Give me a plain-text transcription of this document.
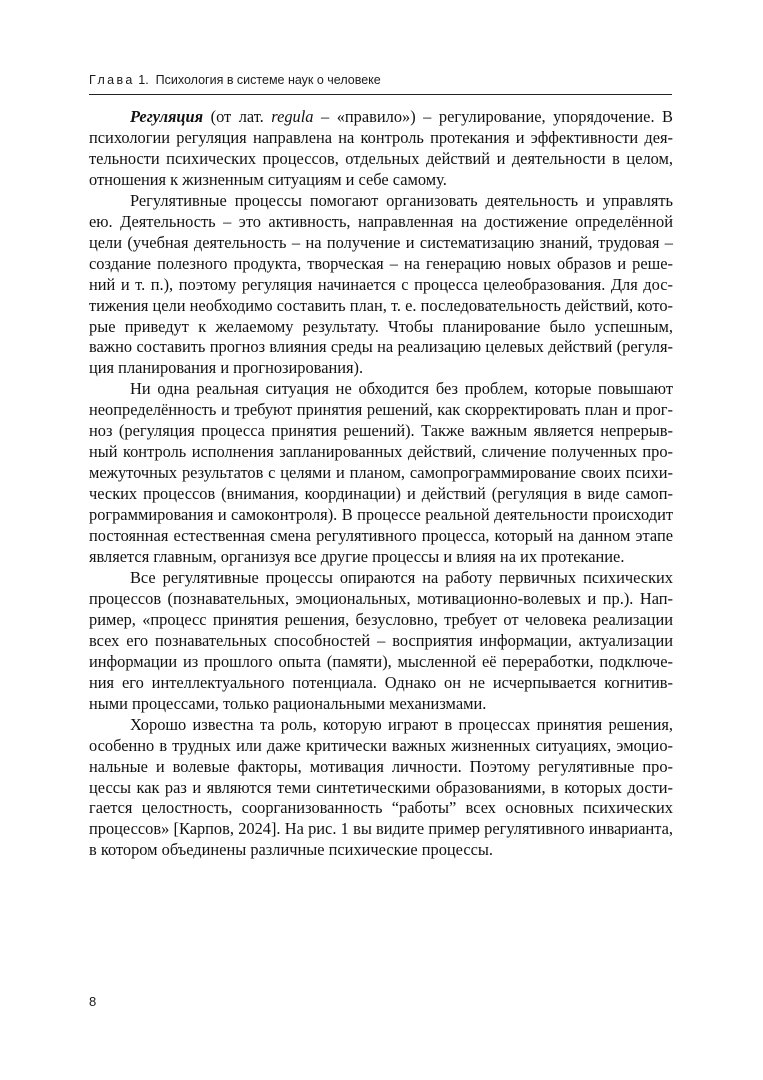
Глава 1. Психология в системе наук о человеке

Регуляция (от лат. regula – «правило») – регулирование, упорядочение. В психологии регуляция направлена на контроль протекания и эффективности деятельности психических процессов, отдельных действий и деятельности в целом, отношения к жизненным ситуациям и себе самому.

Регулятивные процессы помогают организовать деятельность и управлять ею. Деятельность – это активность, направленная на достижение определённой цели (учебная деятельность – на получение и систематизацию знаний, трудовая – создание полезного продукта, творческая – на генерацию новых образов и решений и т. п.), поэтому регуляция начинается с процесса целеобразования. Для достижения цели необходимо составить план, т. е. последовательность действий, которые приведут к желаемому результату. Чтобы планирование было успешным, важно составить прогноз влияния среды на реализацию целевых действий (регуляция планирования и прогнозирования).

Ни одна реальная ситуация не обходится без проблем, которые повышают неопределённость и требуют принятия решений, как скорректировать план и прогноз (регуляция процесса принятия решений). Также важным является непрерывный контроль исполнения запланированных действий, сличение полученных промежуточных результатов с целями и планом, самопрограммирование своих психических процессов (внимания, координации) и действий (регуляция в виде самопрограммирования и самоконтроля). В процессе реальной деятельности происходит постоянная естественная смена регулятивного процесса, который на данном этапе является главным, организуя все другие процессы и влияя на их протекание.

Все регулятивные процессы опираются на работу первичных психических процессов (познавательных, эмоциональных, мотивационно-волевых и пр.). Например, «процесс принятия решения, безусловно, требует от человека реализации всех его познавательных способностей – восприятия информации, актуализации информации из прошлого опыта (памяти), мысленной её переработки, подключения его интеллектуального потенциала. Однако он не исчерпывается когнитивными процессами, только рациональными механизмами.

Хорошо известна та роль, которую играют в процессах принятия решения, особенно в трудных или даже критически важных жизненных ситуациях, эмоциональные и волевые факторы, мотивация личности. Поэтому регулятивные процессы как раз и являются теми синтетическими образованиями, в которых достигается целостность, соорганизованность “работы” всех основных психических процессов» [Карпов, 2024]. На рис. 1 вы видите пример регулятивного инварианта, в котором объединены различные психические процессы.

8
